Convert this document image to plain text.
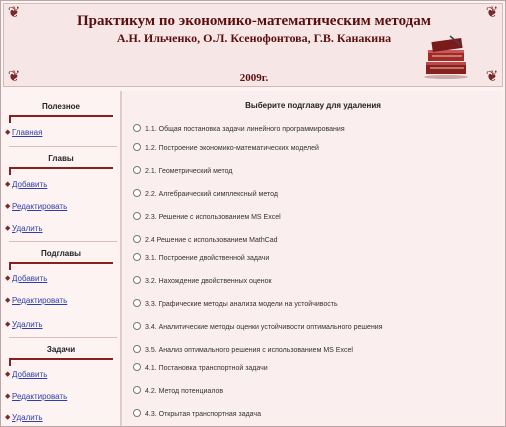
❦	❦
❦	❦
Практикум по экономико-математическим методам
А.Н. Ильченко, О.Л. Ксенофонтова, Г.В. Канакина
2009г.
Полезное
◆ Главная
Главы
◆ Добавить
◆ Редактировать
◆ Удалить
Подглавы
◆ Добавить
◆ Редактировать
◆ Удалить
Задачи
◆ Добавить
◆ Редактировать
◆ Удалить
Выберите подглаву для удаления
1.1. Общая постановка задачи линейного программирования
1.2. Построение экономико-математических моделей
2.1. Геометрический метод
2.2. Алгебраический симплексный метод
2.3. Решение с использованием MS Excel
2.4 Решение с использованием MathCad
3.1. Построение двойственной задачи
3.2. Нахождение двойственных оценок
3.3. Графические методы анализа модели на устойчивость
3.4. Аналитические методы оценки устойчивости оптимального решения
3.5. Анализ оптимального решения с использованием MS Excel
4.1. Постановка транспортной задачи
4.2. Метод потенциалов
4.3. Открытая транспортная задача
